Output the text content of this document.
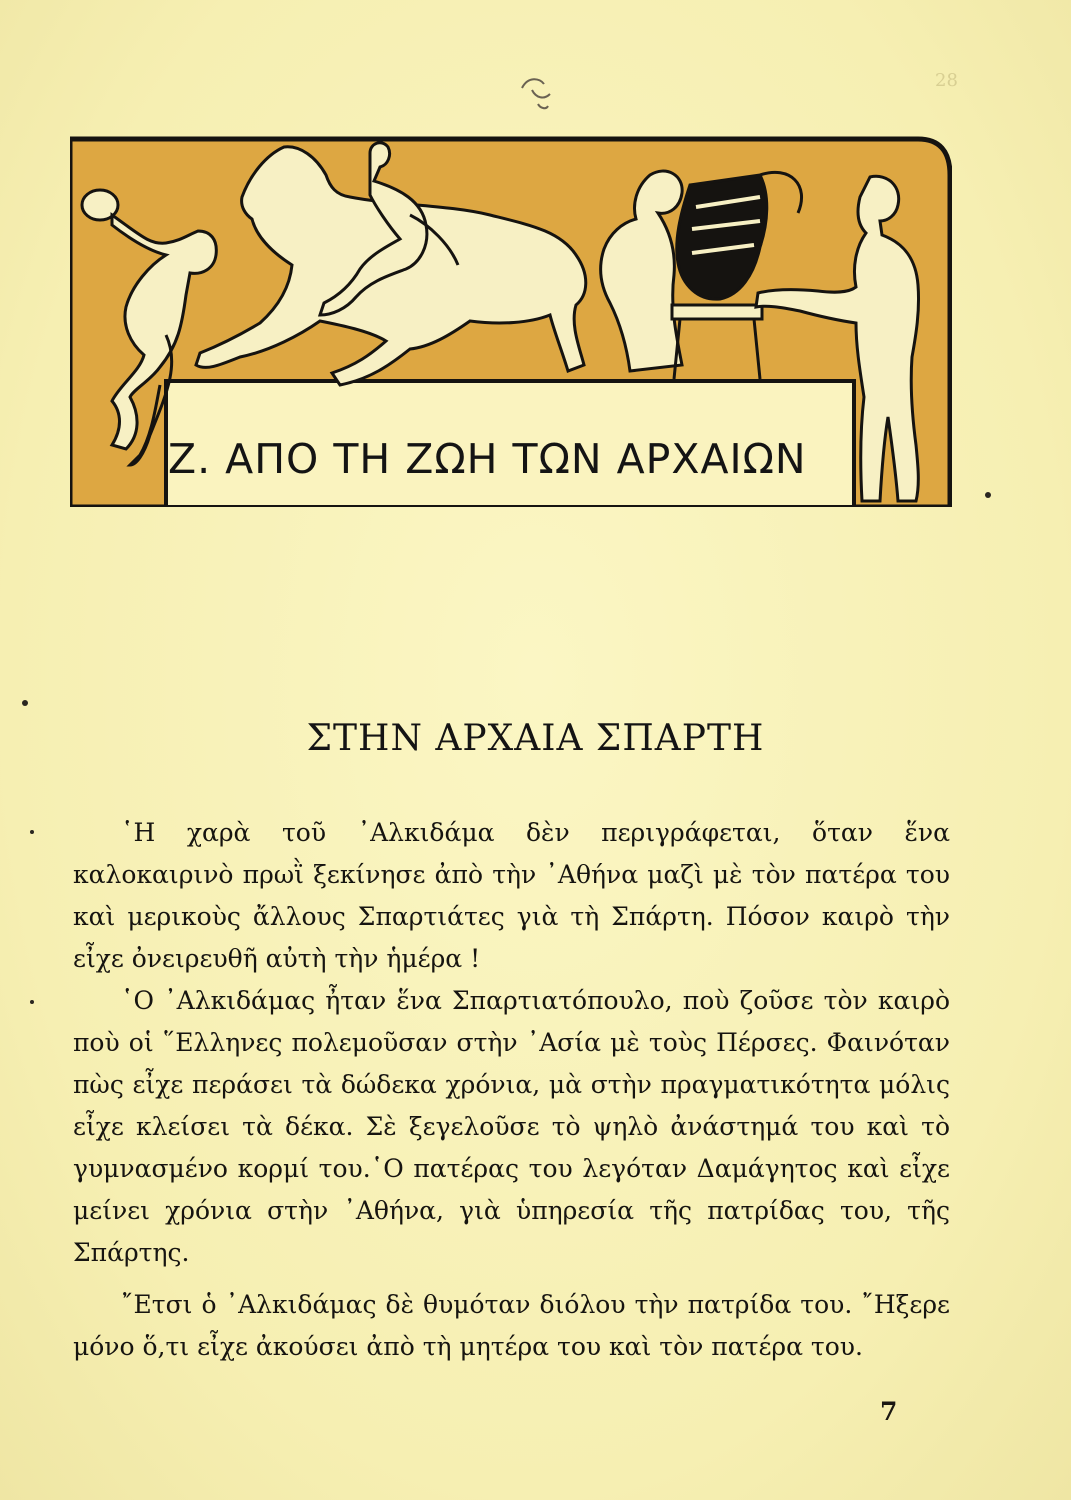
28
Ζ. ΑΠΟ ΤΗ ΖΩΗ ΤΩΝ ΑΡΧΑΙΩΝ
ΣΤΗΝ ΑΡΧΑΙΑ ΣΠΑΡΤΗ

῾Η χαρὰ τοῦ ᾿Αλκιδάμα δὲν περιγράφεται, ὅταν ἕνα καλοκαιρινὸ πρωῒ ξεκίνησε ἀπὸ τὴν ᾿Αθήνα μαζὶ μὲ τὸν πατέρα του καὶ μερικοὺς ἄλλους Σπαρτιάτες γιὰ τὴ Σπάρτη. Πόσον καιρὸ τὴν εἶχε ὀνειρευθῆ αὐτὴ τὴν ἡμέρα !

῾Ο ᾿Αλκιδάμας ἦταν ἕνα Σπαρτιατόπουλο, ποὺ ζοῦσε τὸν καιρὸ ποὺ οἱ ῞Ελληνες πολεμοῦσαν στὴν ᾿Ασία μὲ τοὺς Πέρσες. Φαινόταν πὼς εἶχε περάσει τὰ δώδεκα χρόνια, μὰ στὴν πραγματικότητα μόλις εἶχε κλείσει τὰ δέκα. Σὲ ξεγελοῦσε τὸ ψηλὸ ἀνάστημά του καὶ τὸ γυμνασμένο κορμί του.῾Ο πατέρας του λεγόταν Δαμάγητος καὶ εἶχε μείνει χρόνια στὴν ᾿Αθήνα, γιὰ ὑπηρεσία τῆς πατρίδας του, τῆς Σπάρτης.

῎Ετσι ὁ ᾿Αλκιδάμας δὲ θυμόταν διόλου τὴν πατρίδα του. ῎Ηξερε μόνο ὅ,τι εἶχε ἀκούσει ἀπὸ τὴ μητέρα του καὶ τὸν πατέρα του.

7
